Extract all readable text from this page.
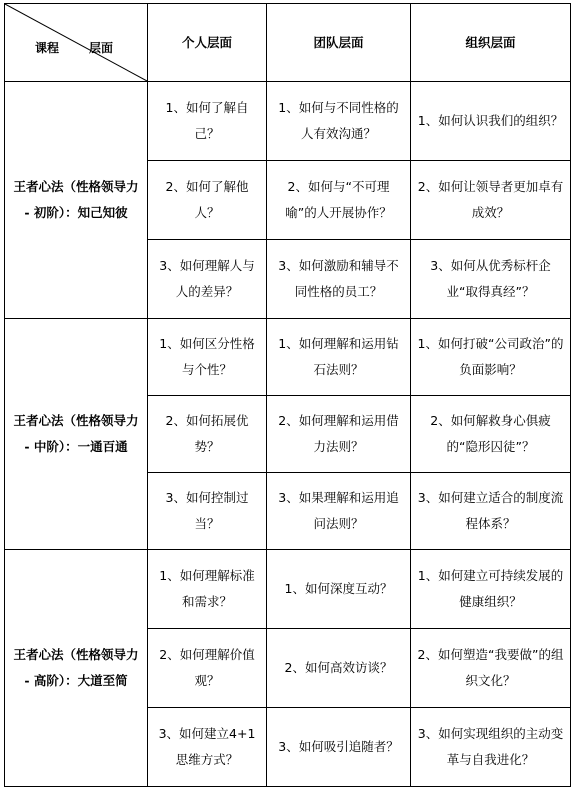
课程 层面	个人层面	团队层面	组织层面
王者心法（性格领导力 - 初阶）：知己知彼	1、如何了解自己？	1、如何与不同性格的人有效沟通？	1、如何认识我们的组织？
	2、如何了解他人？	2、如何与“不可理喻”的人开展协作？	2、如何让领导者更加卓有成效？
	3、如何理解人与人的差异？	3、如何激励和辅导不同性格的员工？	3、如何从优秀标杆企业“取得真经”？
王者心法（性格领导力 - 中阶）：一通百通	1、如何区分性格与个性？	1、如何理解和运用钻石法则？	1、如何打破“公司政治”的负面影响？
	2、如何拓展优势？	2、如何理解和运用借力法则？	2、如何解救身心俱疲的“隐形囚徒”？
	3、如何控制过当？	3、如果理解和运用追问法则？	3、如何建立适合的制度流程体系？
王者心法（性格领导力 - 高阶）：大道至简	1、如何理解标准和需求？	1、如何深度互动？	1、如何建立可持续发展的健康组织？
	2、如何理解价值观？	2、如何高效访谈？	2、如何塑造“我要做”的组织文化？
	3、如何建立4+1思维方式？	3、如何吸引追随者？	3、如何实现组织的主动变革与自我进化？
